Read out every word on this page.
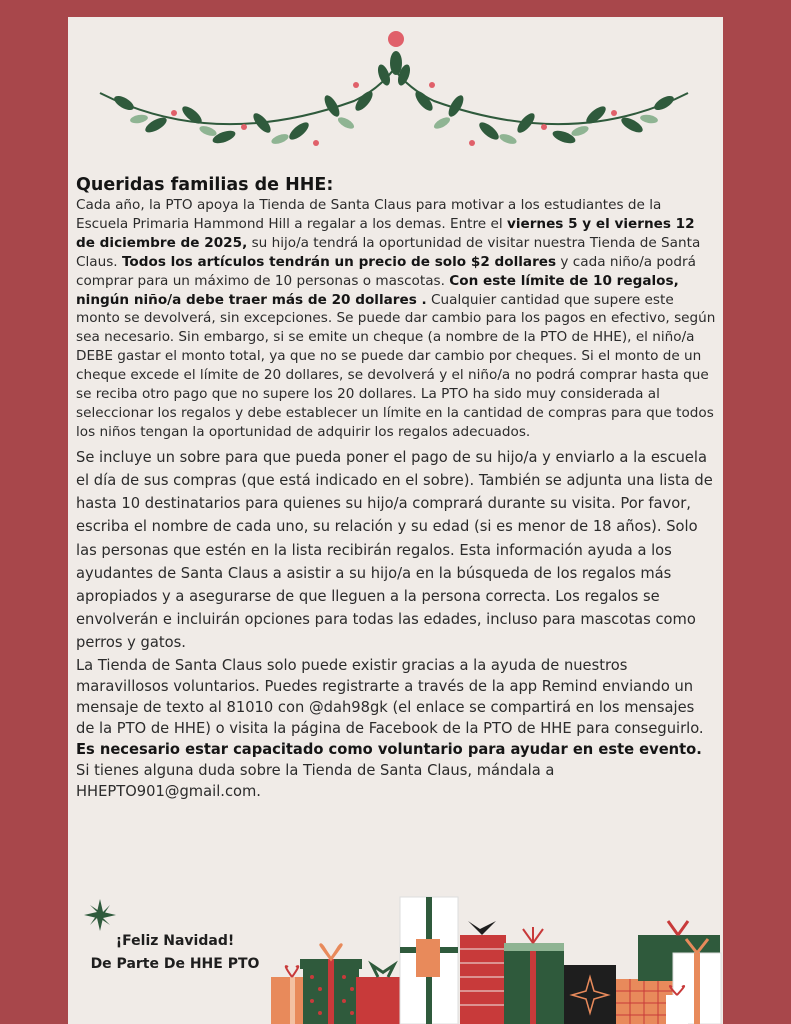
Queridas familias de HHE:

Cada año, la PTO apoya la Tienda de Santa Claus para motivar a los estudiantes de la Escuela Primaria Hammond Hill a regalar a los demas. Entre el viernes 5 y el viernes 12 de diciembre de 2025, su hijo/a tendrá la oportunidad de visitar nuestra Tienda de Santa Claus. Todos los artículos tendrán un precio de solo $2 dollares y cada niño/a podrá comprar para un máximo de 10 personas o mascotas. Con este límite de 10 regalos, ningún niño/a debe traer más de 20 dollares . Cualquier cantidad que supere este monto se devolverá, sin excepciones. Se puede dar cambio para los pagos en efectivo, según sea necesario. Sin embargo, si se emite un cheque (a nombre de la PTO de HHE), el niño/a DEBE gastar el monto total, ya que no se puede dar cambio por cheques. Si el monto de un cheque excede el límite de 20 dollares, se devolverá y el niño/a no podrá comprar hasta que se reciba otro pago que no supere los 20 dollares. La PTO ha sido muy considerada al seleccionar los regalos y debe establecer un límite en la cantidad de compras para que todos los niños tengan la oportunidad de adquirir los regalos adecuados.

Se incluye un sobre para que pueda poner el pago de su hijo/a y enviarlo a la escuela el día de sus compras (que está indicado en el sobre). También se adjunta una lista de hasta 10 destinatarios para quienes su hijo/a comprará durante su visita. Por favor, escriba el nombre de cada uno, su relación y su edad (si es menor de 18 años). Solo las personas que estén en la lista recibirán regalos. Esta información ayuda a los ayudantes de Santa Claus a asistir a su hijo/a en la búsqueda de los regalos más apropiados y a asegurarse de que lleguen a la persona correcta. Los regalos se envolverán e incluirán opciones para todas las edades, incluso para mascotas como perros y gatos.

La Tienda de Santa Claus solo puede existir gracias a la ayuda de nuestros maravillosos voluntarios. Puedes registrarte a través de la app Remind enviando un mensaje de texto al 81010 con @dah98gk (el enlace se compartirá en los mensajes de la PTO de HHE) o visita la página de Facebook de la PTO de HHE para conseguirlo. Es necesario estar capacitado como voluntario para ayudar en este evento. Si tienes alguna duda sobre la Tienda de Santa Claus, mándala a HHEPTO901@gmail.com.

¡Feliz Navidad!
De Parte De HHE PTO
